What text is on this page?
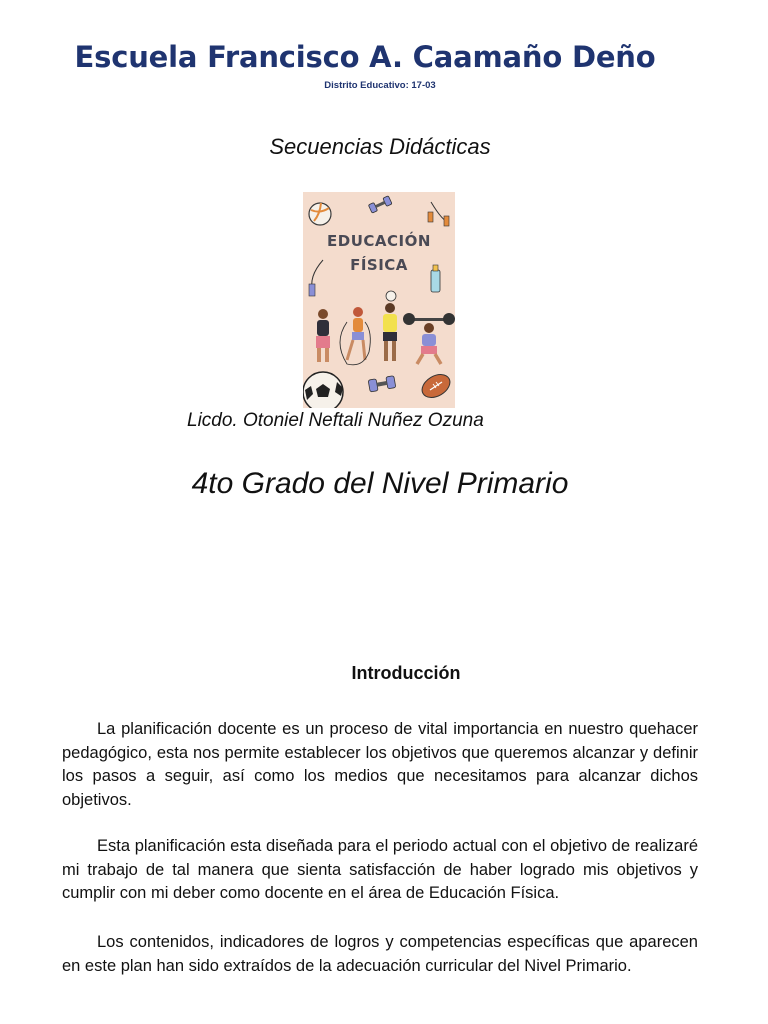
Escuela Francisco A. Caamaño Deño
Distrito Educativo: 17-03
Secuencias Didácticas
EDUCACIÓN
FÍSICA
Licdo. Otoniel Neftali Nuñez Ozuna
4to Grado del Nivel Primario
Introducción

La planificación docente es un proceso de vital importancia en nuestro quehacer pedagógico, esta nos permite establecer los objetivos que queremos alcanzar y definir los pasos a seguir, así como los medios que necesitamos para alcanzar dichos objetivos.

Esta planificación esta diseñada para el periodo actual con el objetivo de realizaré mi trabajo de tal manera que sienta satisfacción de haber logrado mis objetivos y cumplir con mi deber como docente en el área de Educación Física.

Los contenidos, indicadores de logros y competencias específicas que aparecen en este plan han sido extraídos de la adecuación curricular del Nivel Primario.
